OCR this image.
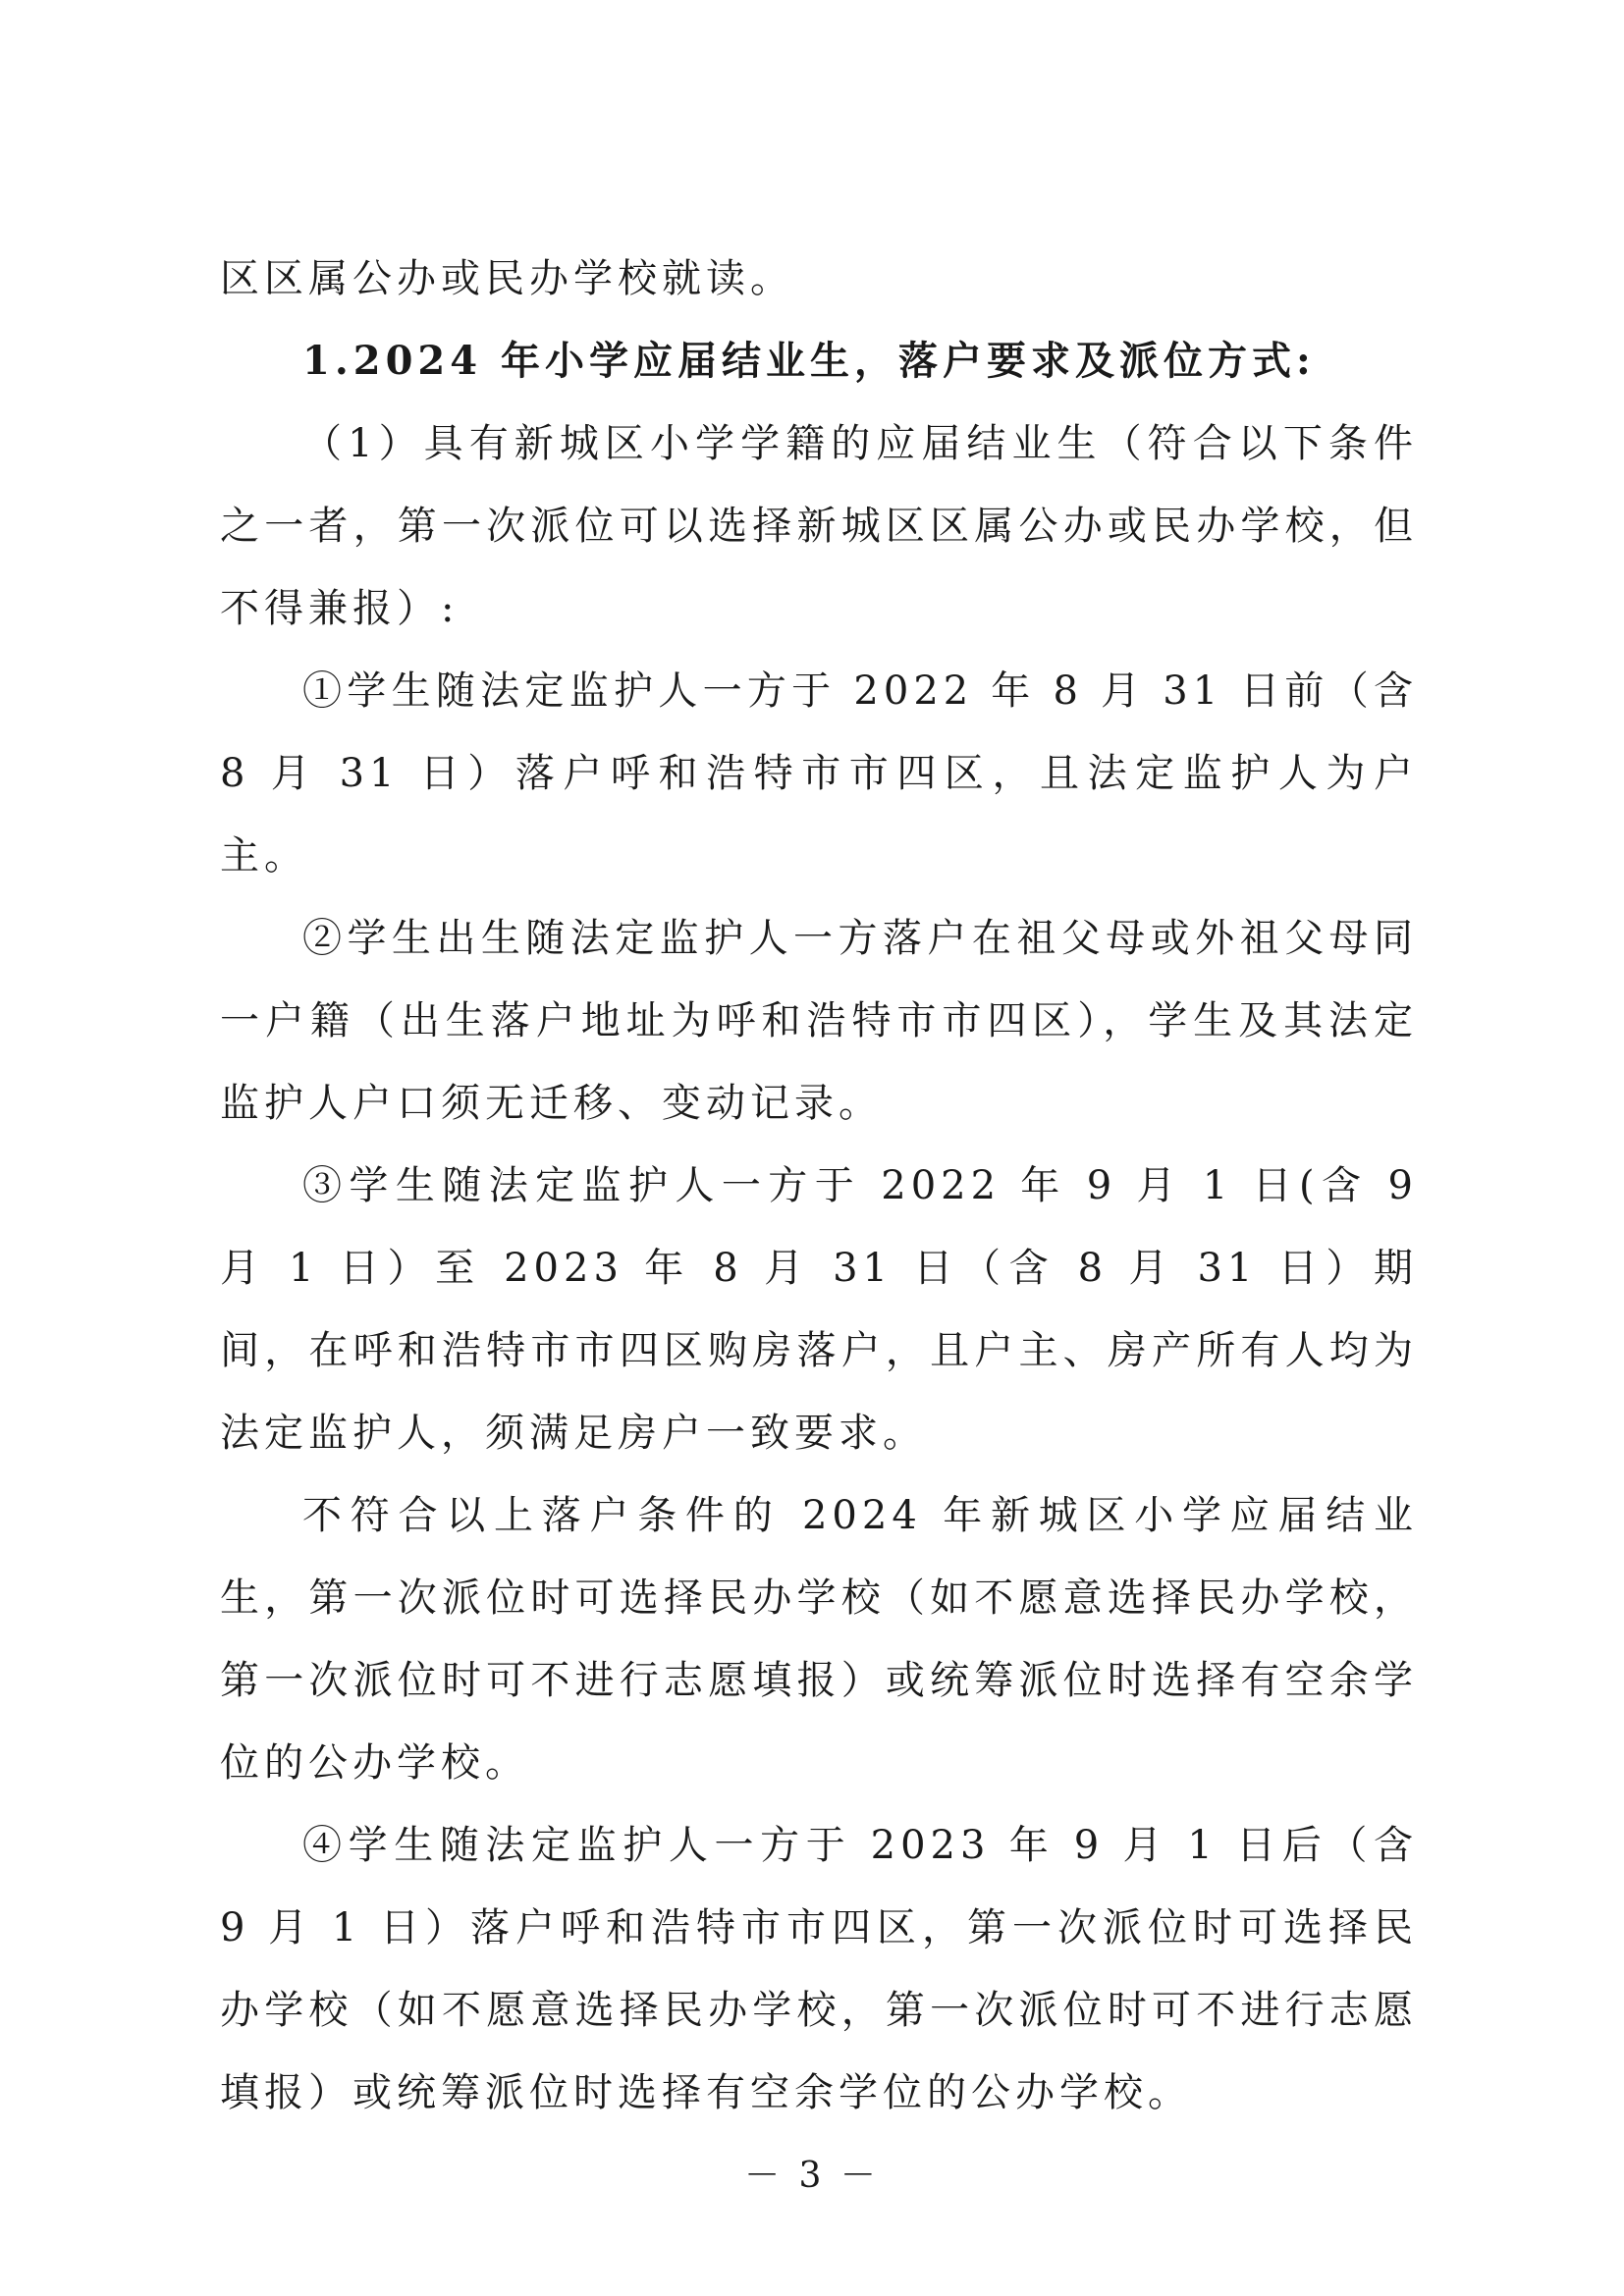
区区属公办或民办学校就读。

1.2024 年小学应届结业生，落户要求及派位方式:

（1）具有新城区小学学籍的应届结业生（符合以下条件之一者，第一次派位可以选择新城区区属公办或民办学校，但不得兼报）:

①学生随法定监护人一方于 2022 年 8 月 31 日前（含 8 月 31 日）落户呼和浩特市市四区，且法定监护人为户主。

②学生出生随法定监护人一方落户在祖父母或外祖父母同一户籍（出生落户地址为呼和浩特市市四区），学生及其法定监护人户口须无迁移、变动记录。

③学生随法定监护人一方于 2022 年 9 月 1 日(含 9 月 1 日）至 2023 年 8 月 31 日（含 8 月 31 日）期间，在呼和浩特市市四区购房落户，且户主、房产所有人均为法定监护人，须满足房户一致要求。

不符合以上落户条件的 2024 年新城区小学应届结业生，第一次派位时可选择民办学校（如不愿意选择民办学校，第一次派位时可不进行志愿填报）或统筹派位时选择有空余学位的公办学校。

④学生随法定监护人一方于 2023 年 9 月 1 日后（含 9 月 1 日）落户呼和浩特市市四区，第一次派位时可选择民办学校（如不愿意选择民办学校，第一次派位时可不进行志愿填报）或统筹派位时选择有空余学位的公办学校。

－ 3 －
